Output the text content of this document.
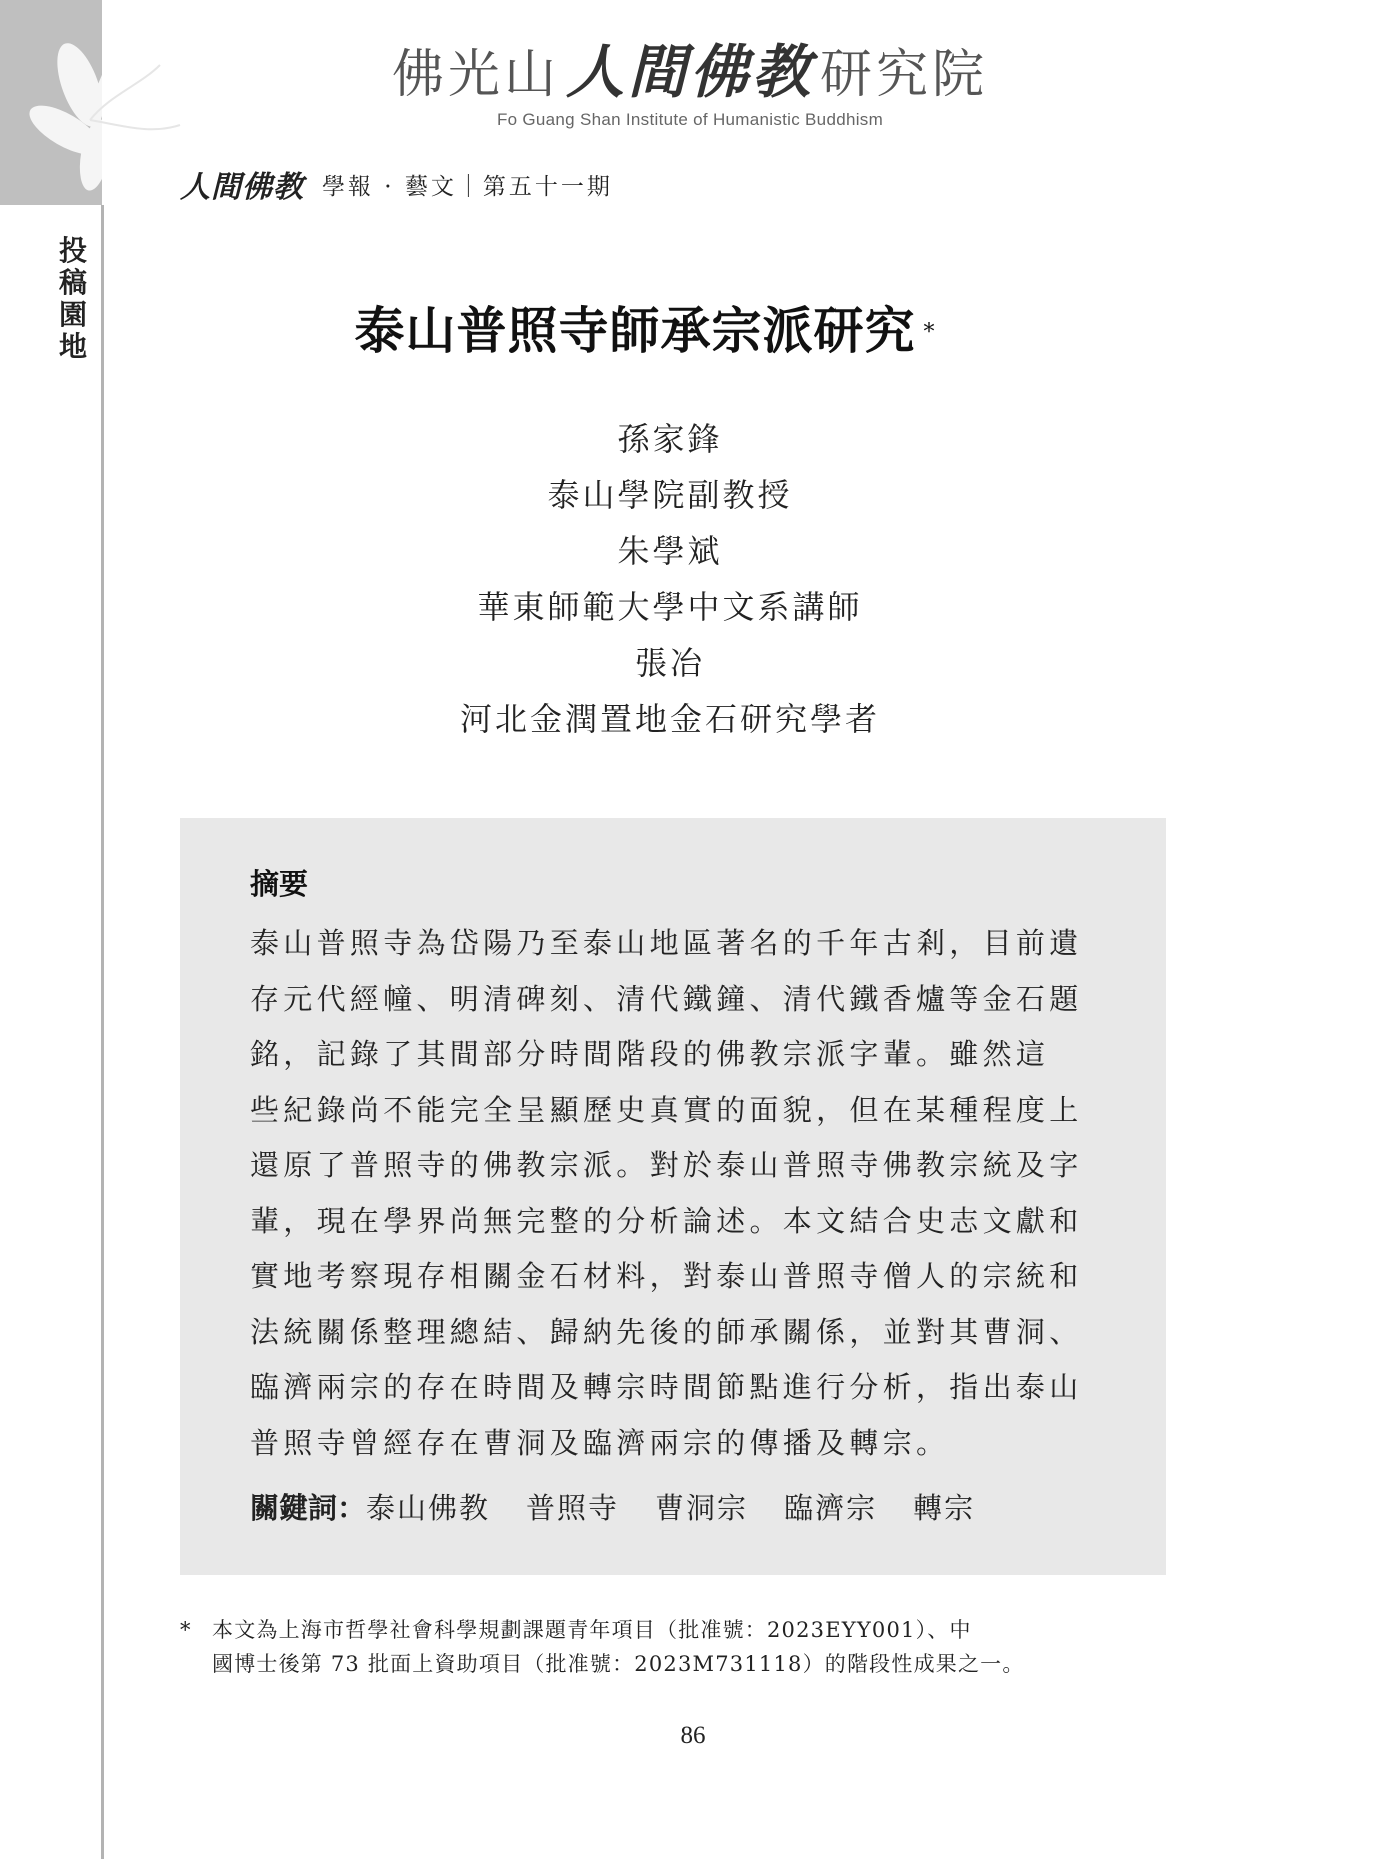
投
稿
園
地
佛光山 人間佛教 研究院
Fo Guang Shan Institute of Humanistic Buddhism
人間佛教 學報 · 藝文｜第五十一期
泰山普照寺師承宗派研究 *
孫家鋒
泰山學院副教授
朱學斌
華東師範大學中文系講師
張冶
河北金潤置地金石研究學者
摘要
泰山普照寺為岱陽乃至泰山地區著名的千年古剎，目前遺
存元代經幢、明清碑刻、清代鐵鐘、清代鐵香爐等金石題
銘，記錄了其間部分時間階段的佛教宗派字輩。雖然這
些紀錄尚不能完全呈顯歷史真實的面貌，但在某種程度上
還原了普照寺的佛教宗派。對於泰山普照寺佛教宗統及字
輩，現在學界尚無完整的分析論述。本文結合史志文獻和
實地考察現存相關金石材料，對泰山普照寺僧人的宗統和
法統關係整理總結、歸納先後的師承關係，並對其曹洞、
臨濟兩宗的存在時間及轉宗時間節點進行分析，指出泰山
普照寺曾經存在曹洞及臨濟兩宗的傳播及轉宗。
關鍵詞：泰山佛教 普照寺 曹洞宗 臨濟宗 轉宗
*	本文為上海市哲學社會科學規劃課題青年項目（批准號：2023EYY001）、中
國博士後第 73 批面上資助項目（批准號：2023M731118）的階段性成果之一。
86
